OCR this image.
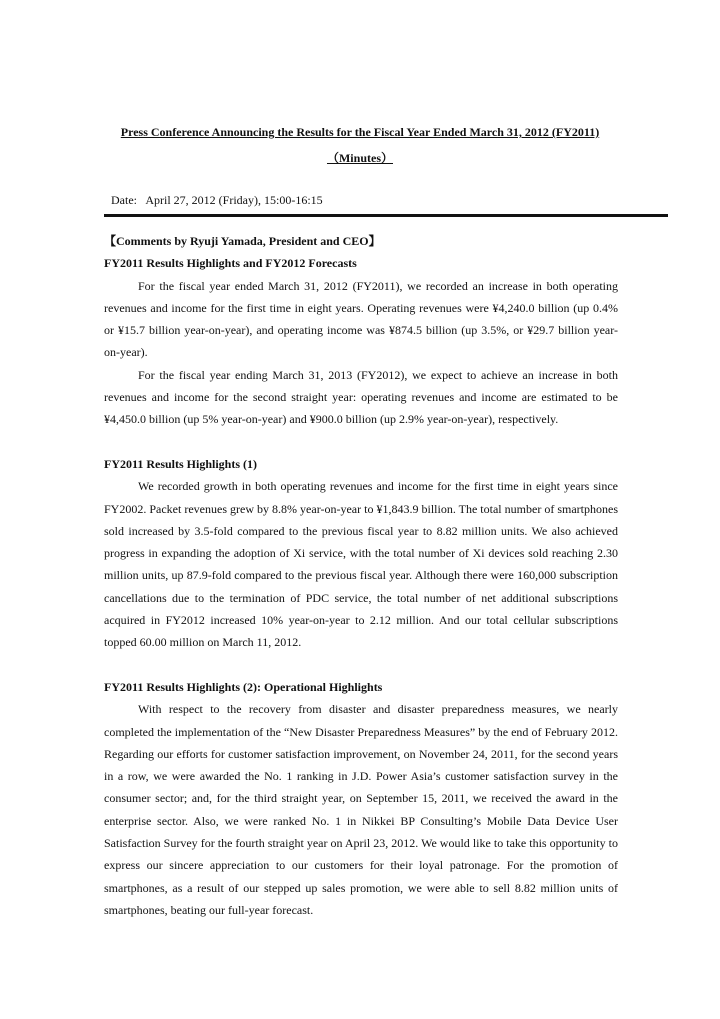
Press Conference Announcing the Results for the Fiscal Year Ended March 31, 2012 (FY2011)
（Minutes）
Date: April 27, 2012 (Friday), 15:00-16:15

【Comments by Ryuji Yamada, President and CEO】

FY2011 Results Highlights and FY2012 Forecasts

For the fiscal year ended March 31, 2012 (FY2011), we recorded an increase in both operating revenues and income for the first time in eight years. Operating revenues were ¥4,240.0 billion (up 0.4% or ¥15.7 billion year-on-year), and operating income was ¥874.5 billion (up 3.5%, or ¥29.7 billion year-on-year).

For the fiscal year ending March 31, 2013 (FY2012), we expect to achieve an increase in both revenues and income for the second straight year: operating revenues and income are estimated to be ¥4,450.0 billion (up 5% year-on-year) and ¥900.0 billion (up 2.9% year-on-year), respectively.

FY2011 Results Highlights (1)

We recorded growth in both operating revenues and income for the first time in eight years since FY2002. Packet revenues grew by 8.8% year-on-year to ¥1,843.9 billion. The total number of smartphones sold increased by 3.5-fold compared to the previous fiscal year to 8.82 million units. We also achieved progress in expanding the adoption of Xi service, with the total number of Xi devices sold reaching 2.30 million units, up 87.9-fold compared to the previous fiscal year. Although there were 160,000 subscription cancellations due to the termination of PDC service, the total number of net additional subscriptions acquired in FY2012 increased 10% year-on-year to 2.12 million. And our total cellular subscriptions topped 60.00 million on March 11, 2012.

FY2011 Results Highlights (2): Operational Highlights

With respect to the recovery from disaster and disaster preparedness measures, we nearly completed the implementation of the “New Disaster Preparedness Measures” by the end of February 2012. Regarding our efforts for customer satisfaction improvement, on November 24, 2011, for the second years in a row, we were awarded the No. 1 ranking in J.D. Power Asia’s customer satisfaction survey in the consumer sector; and, for the third straight year, on September 15, 2011, we received the award in the enterprise sector. Also, we were ranked No. 1 in Nikkei BP Consulting’s Mobile Data Device User Satisfaction Survey for the fourth straight year on April 23, 2012. We would like to take this opportunity to express our sincere appreciation to our customers for their loyal patronage. For the promotion of smartphones, as a result of our stepped up sales promotion, we were able to sell 8.82 million units of smartphones, beating our full-year forecast.
